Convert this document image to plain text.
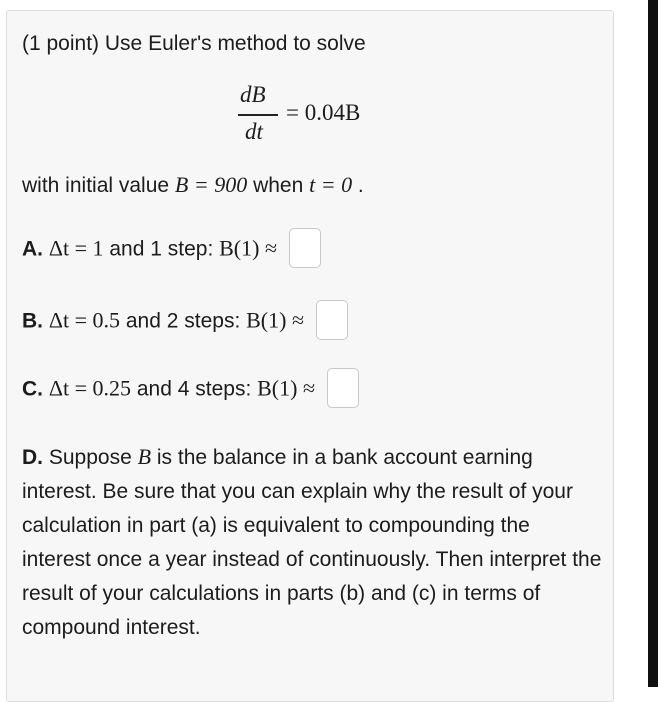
(1 point) Use Euler's method to solve
dB
dt
= 0.04B
with initial value B = 900 when t = 0 .
A. Δt = 1 and 1 step: B(1) ≈
B. Δt = 0.5 and 2 steps: B(1) ≈
C. Δt = 0.25 and 4 steps: B(1) ≈
D. Suppose B is the balance in a bank account earning interest. Be sure that you can explain why the result of your calculation in part (a) is equivalent to compounding the interest once a year instead of continuously. Then interpret the result of your calculations in parts (b) and (c) in terms of compound interest.
